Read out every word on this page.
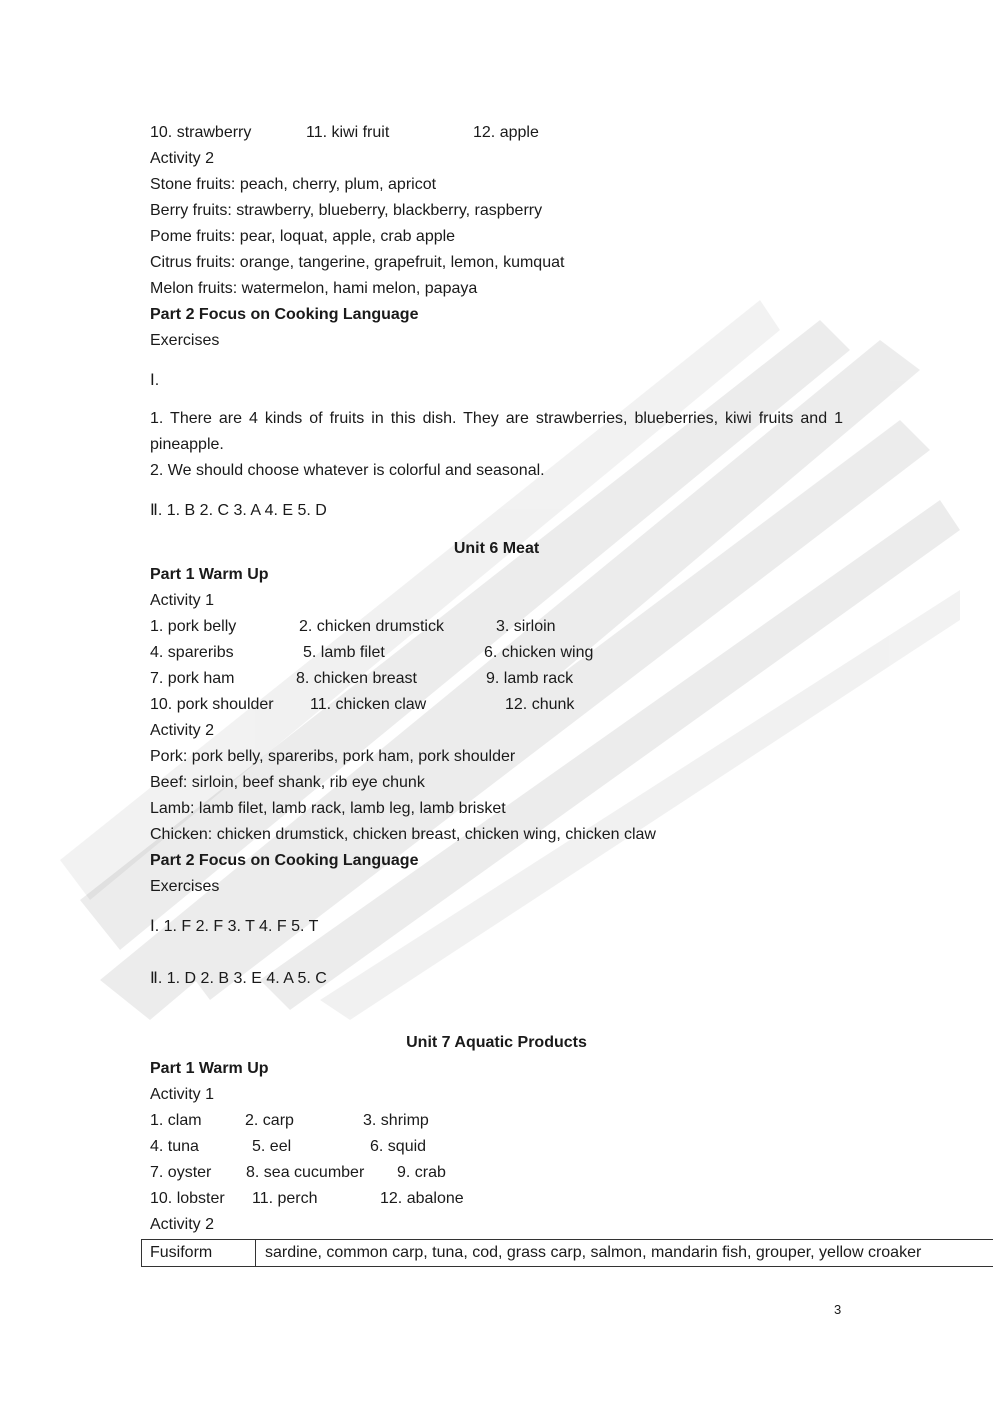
10. strawberry	11. kiwi fruit	12. apple
Activity 2
Stone fruits: peach, cherry, plum, apricot
Berry fruits: strawberry, blueberry, blackberry, raspberry
Pome fruits: pear, loquat, apple, crab apple
Citrus fruits: orange, tangerine, grapefruit, lemon, kumquat
Melon fruits: watermelon, hami melon, papaya
Part 2 Focus on Cooking Language
Exercises
Ⅰ.
1. There are 4 kinds of fruits in this dish. They are strawberries, blueberries, kiwi fruits and 1 pineapple.
2. We should choose whatever is colorful and seasonal.
Ⅱ. 1. B 2. C 3. A 4. E 5. D
Unit 6 Meat
Part 1 Warm Up
Activity 1
1. pork belly	2. chicken drumstick	3. sirloin
4. spareribs	5. lamb filet	6. chicken wing
7. pork ham	8. chicken breast	9. lamb rack
10. pork shoulder 11. chicken claw	12. chunk
Activity 2
Pork: pork belly, spareribs, pork ham, pork shoulder
Beef: sirloin, beef shank, rib eye chunk
Lamb: lamb filet, lamb rack, lamb leg, lamb brisket
Chicken: chicken drumstick, chicken breast, chicken wing, chicken claw
Part 2 Focus on Cooking Language
Exercises
Ⅰ. 1. F 2. F 3. T 4. F 5. T
Ⅱ. 1. D 2. B 3. E 4. A 5. C
Unit 7 Aquatic Products
Part 1 Warm Up
Activity 1
1. clam	2. carp	3. shrimp
4. tuna	5. eel	6. squid
7. oyster 8. sea cucumber 9. crab
10. lobster 11. perch	12. abalone
Activity 2
Fusiform	sardine, common carp, tuna, cod, grass carp, salmon, mandarin fish, grouper, yellow croaker
3
